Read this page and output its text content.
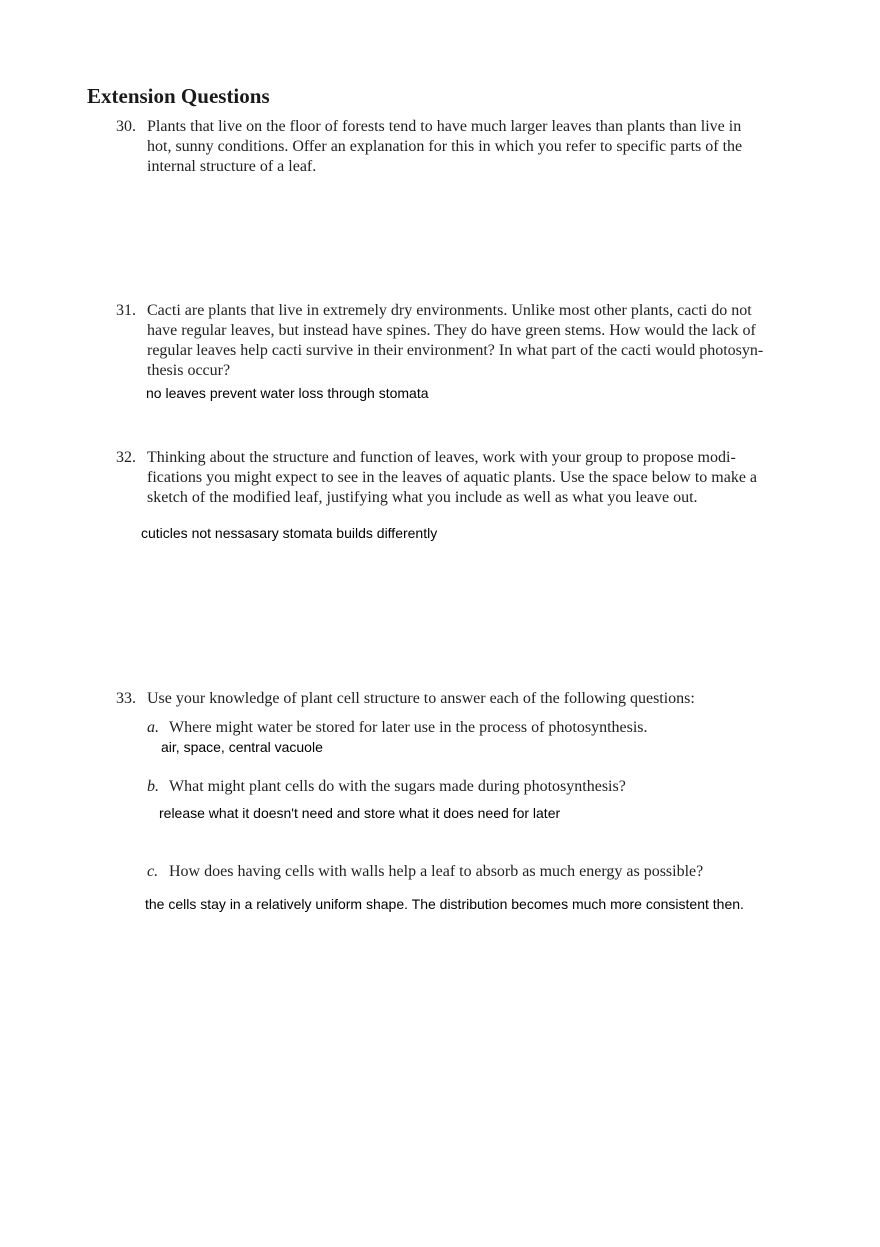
Extension Questions
30. Plants that live on the floor of forests tend to have much larger leaves than plants than live in
hot, sunny conditions. Offer an explanation for this in which you refer to specific parts of the
internal structure of a leaf.
31. Cacti are plants that live in extremely dry environments. Unlike most other plants, cacti do not
have regular leaves, but instead have spines. They do have green stems. How would the lack of
regular leaves help cacti survive in their environment? In what part of the cacti would photosyn-
thesis occur?
no leaves prevent water loss through stomata
32. Thinking about the structure and function of leaves, work with your group to propose modi-
fications you might expect to see in the leaves of aquatic plants. Use the space below to make a
sketch of the modified leaf, justifying what you include as well as what you leave out.
cuticles not nessasary stomata builds differently
33. Use your knowledge of plant cell structure to answer each of the following questions:
a. Where might water be stored for later use in the process of photosynthesis.
air, space, central vacuole
b. What might plant cells do with the sugars made during photosynthesis?
release what it doesn't need and store what it does need for later
c. How does having cells with walls help a leaf to absorb as much energy as possible?
the cells stay in a relatively uniform shape. The distribution becomes much more consistent then.
